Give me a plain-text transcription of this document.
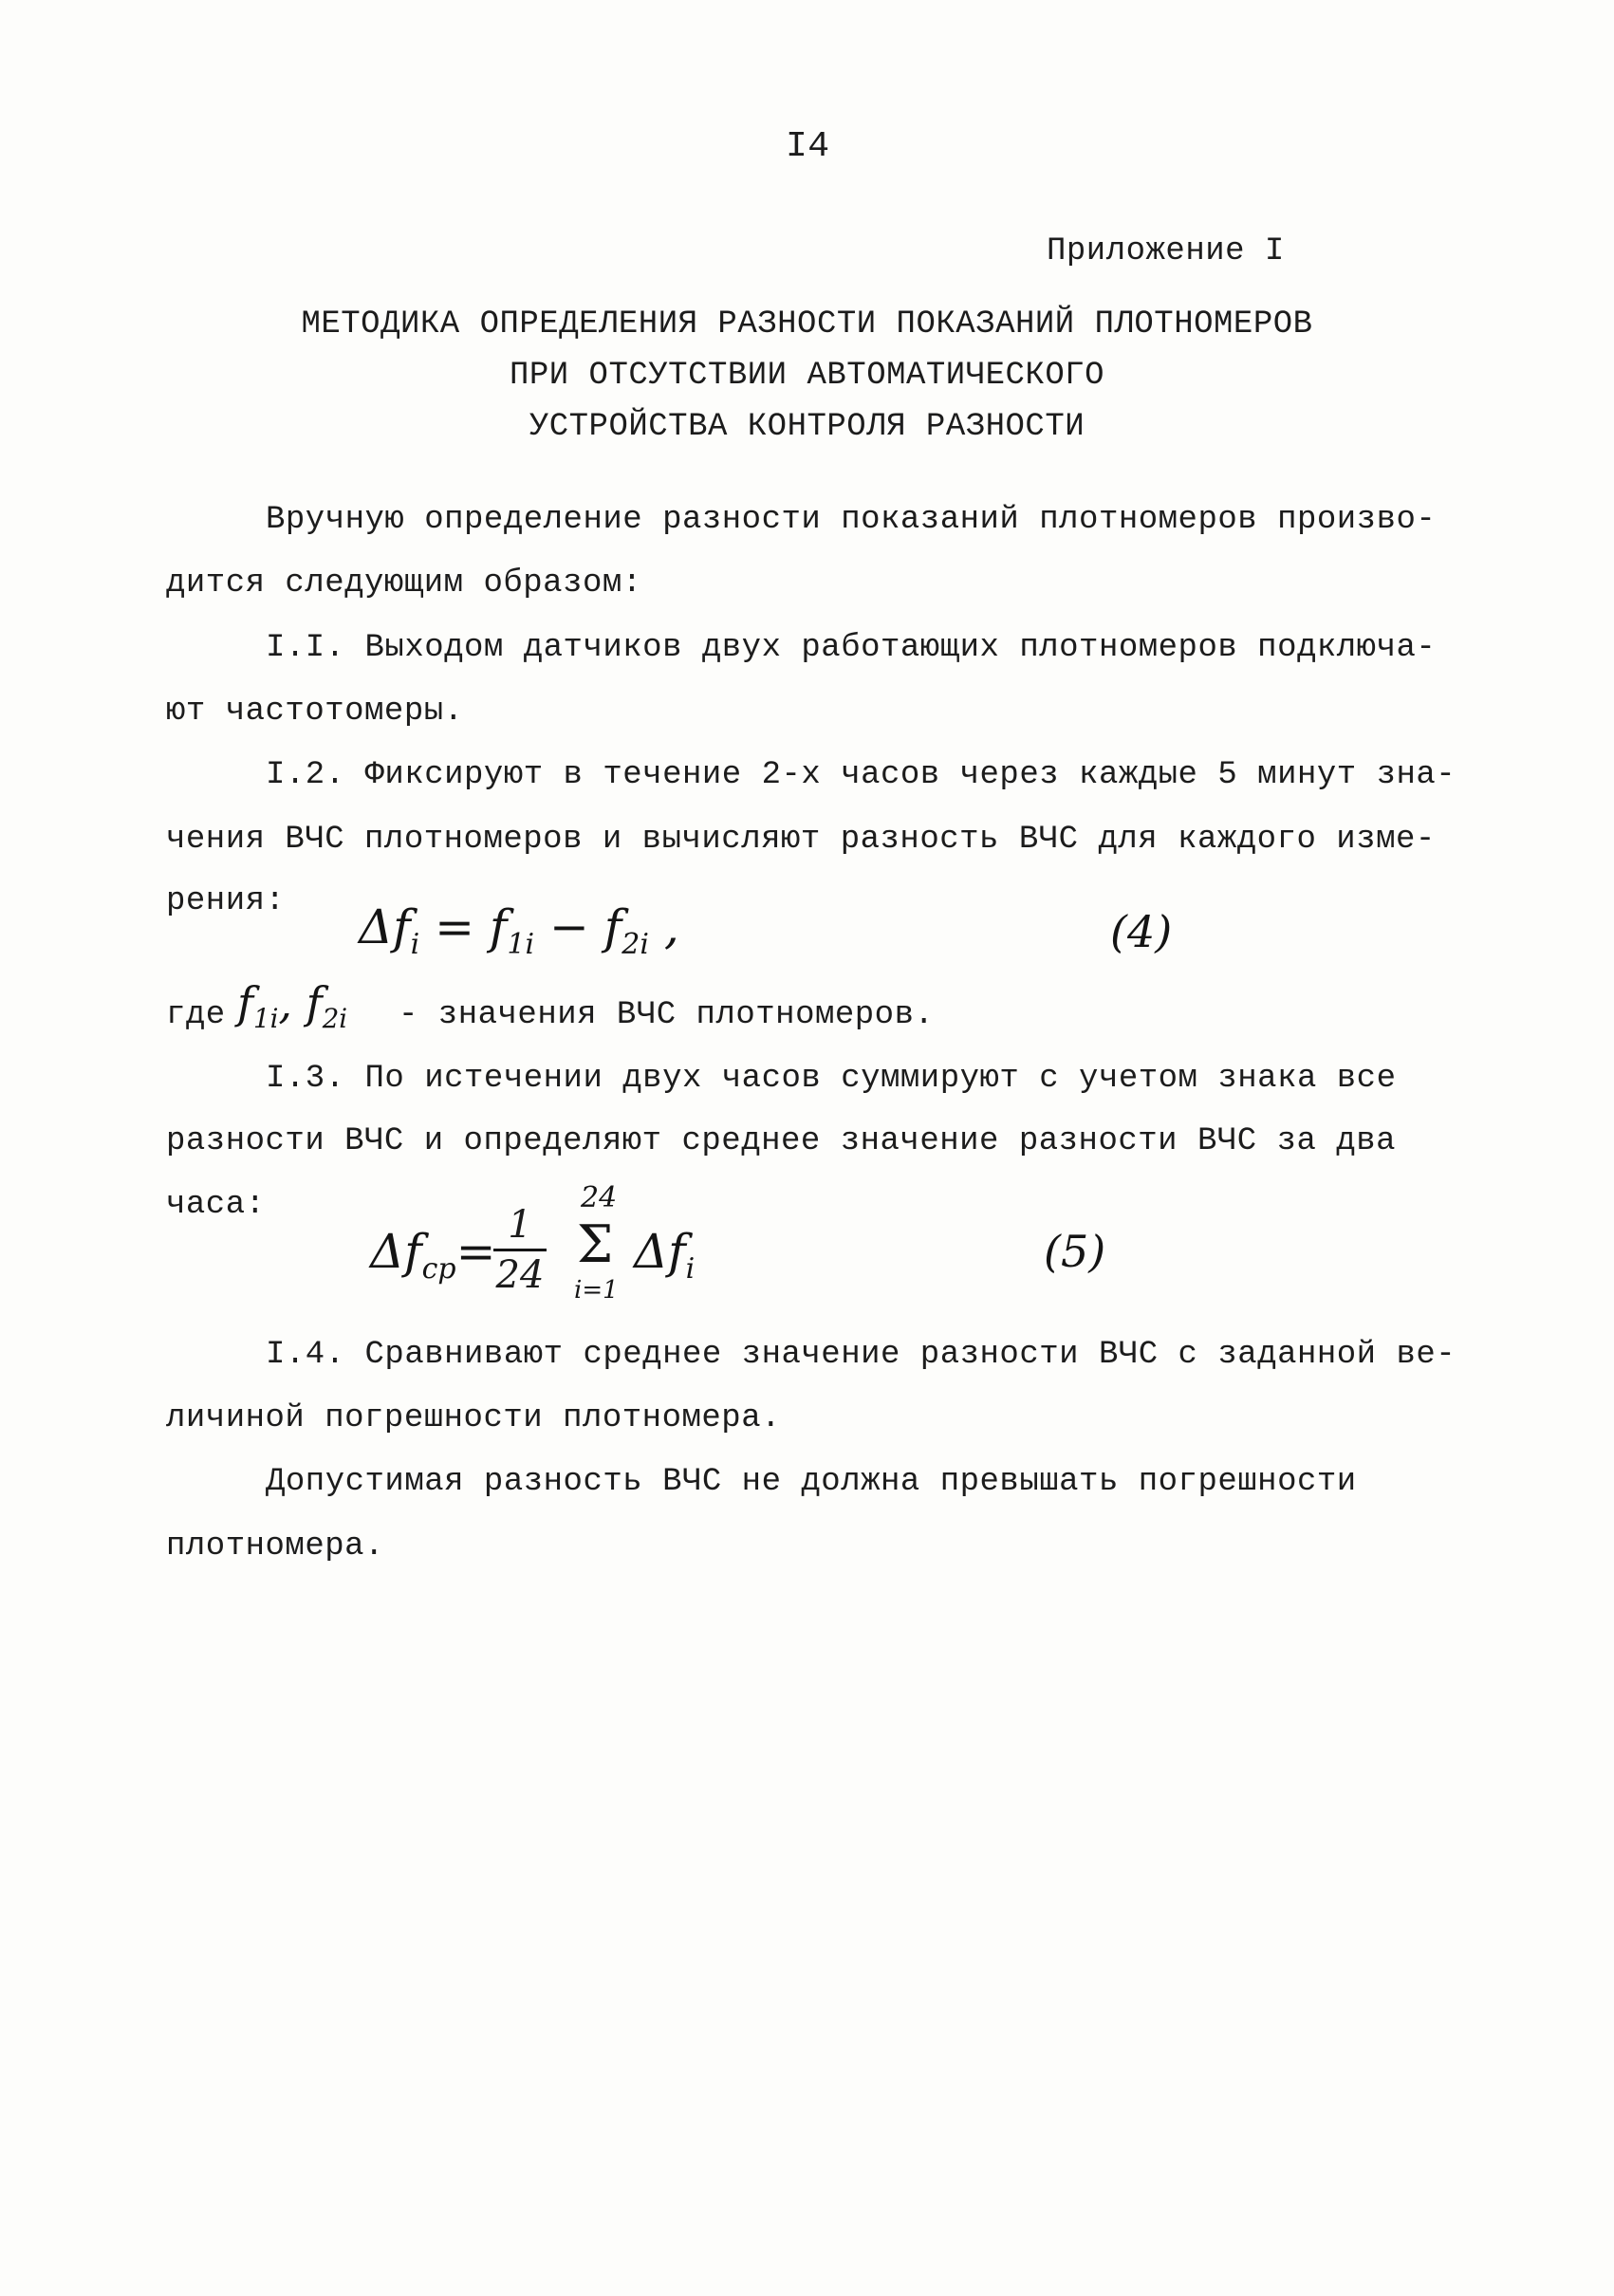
I4
Приложение I
МЕТОДИКА ОПРЕДЕЛЕНИЯ РАЗНОСТИ ПОКАЗАНИЙ ПЛОТНОМЕРОВ
ПРИ ОТСУТСТВИИ АВТОМАТИЧЕСКОГО
УСТРОЙСТВА КОНТРОЛЯ РАЗНОСТИ
Вручную определение разности показаний плотномеров произво-
дится следующим образом:
I.I. Выходом датчиков двух работающих плотномеров подключа-
ют частотомеры.
I.2. Фиксируют в течение 2-х часов через каждые 5 минут зна-
чения ВЧС плотномеров и вычисляют разность ВЧС для каждого изме-
рения: $\Delta f_i = f_{1i} - f_{2i}$ ,	(4)
где $f_{1i}$, $f_{2i}$ - значения ВЧС плотномеров.
I.3. По истечении двух часов суммируют с учетом знака все
разности ВЧС и определяют среднее значение разности ВЧС за два
часа:
$\Delta f_{ср}= 1$
24
24
Σ
i=1
$\Delta f_i$	(5)
I.4. Сравнивают среднее значение разности ВЧС с заданной ве-
личиной погрешности плотномера.
Допустимая разность ВЧС не должна превышать погрешности
плотномера.
